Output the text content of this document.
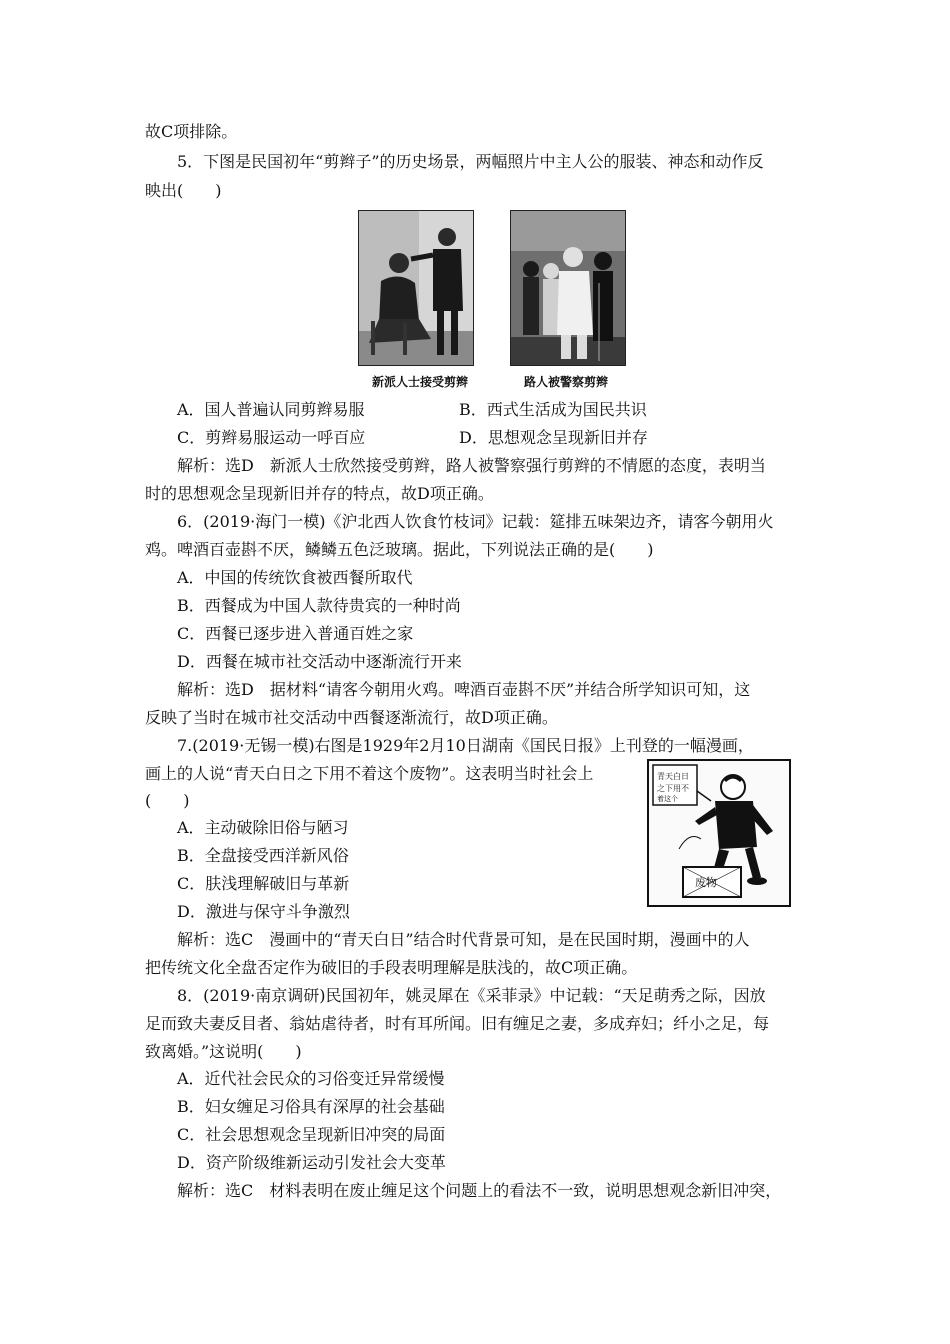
故C项排除。
5．下图是民国初年“剪辫子”的历史场景，两幅照片中主人公的服装、神态和动作反
映出(　　)
新派人士接受剪辫	路人被警察剪辫
A．国人普遍认同剪辫易服	B．西式生活成为国民共识
C．剪辫易服运动一呼百应	D．思想观念呈现新旧并存
解析：选D　新派人士欣然接受剪辫，路人被警察强行剪辫的不情愿的态度，表明当
时的思想观念呈现新旧并存的特点，故D项正确。
6．(2019·海门一模)《沪北西人饮食竹枝词》记载：筵排五味架边齐，请客今朝用火
鸡。啤酒百壶斟不厌，鳞鳞五色泛玻璃。据此，下列说法正确的是(　　)
A．中国的传统饮食被西餐所取代
B．西餐成为中国人款待贵宾的一种时尚
C．西餐已逐步进入普通百姓之家
D．西餐在城市社交活动中逐渐流行开来
解析：选D　据材料“请客今朝用火鸡。啤酒百壶斟不厌”并结合所学知识可知，这
反映了当时在城市社交活动中西餐逐渐流行，故D项正确。
7.(2019·无锡一模)右图是1929年2月10日湖南《国民日报》上刊登的一幅漫画，
画上的人说“青天白日之下用不着这个废物”。这表明当时社会上
(　　)
青天白日
之下用不
着这个
废物
A．主动破除旧俗与陋习
B．全盘接受西洋新风俗
C．肤浅理解破旧与革新
D．激进与保守斗争激烈
解析：选C　漫画中的“青天白日”结合时代背景可知，是在民国时期，漫画中的人
把传统文化全盘否定作为破旧的手段表明理解是肤浅的，故C项正确。
8．(2019·南京调研)民国初年，姚灵犀在《采菲录》中记载：“天足萌秀之际，因放
足而致夫妻反目者、翁姑虐待者，时有耳所闻。旧有缠足之妻，多成弃妇；纤小之足，每
致离婚。”这说明(　　)
A．近代社会民众的习俗变迁异常缓慢
B．妇女缠足习俗具有深厚的社会基础
C．社会思想观念呈现新旧冲突的局面
D．资产阶级维新运动引发社会大变革
解析：选C　材料表明在废止缠足这个问题上的看法不一致，说明思想观念新旧冲突，
